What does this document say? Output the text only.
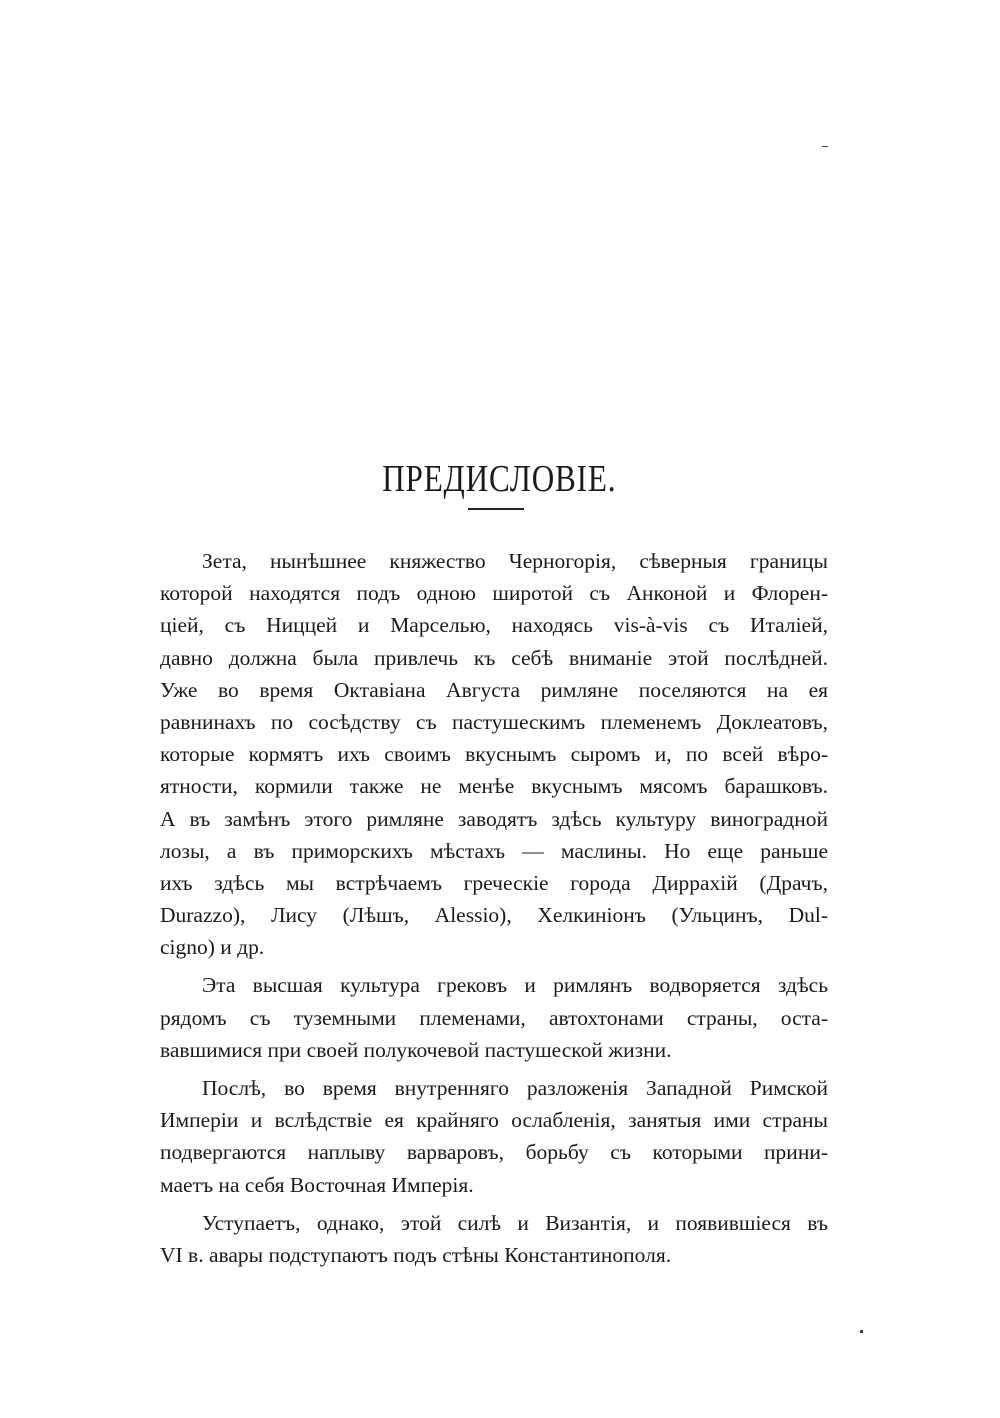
ПРЕДИСЛОВІЕ.
Зета, нынѣшнее княжество Черногорія, сѣверныя границы
которой находятся подъ одною широтой съ Анконой и Флорен-
ціей, съ Ниццей и Марселью, находясь vis-à-vis съ Италіей,
давно должна была привлечь къ себѣ вниманіе этой послѣдней.
Уже во время Октавіана Августа римляне поселяются на ея
равнинахъ по сосѣдству съ пастушескимъ племенемъ Доклеатовъ,
которые кормятъ ихъ своимъ вкуснымъ сыромъ и, по всей вѣро-
ятности, кормили также не менѣе вкуснымъ мясомъ барашковъ.
А въ замѣнъ этого римляне заводятъ здѣсь культуру виноградной
лозы, а въ приморскихъ мѣстахъ — маслины. Но еще раньше
ихъ здѣсь мы встрѣчаемъ греческіе города Диррахій (Драчъ,
Durazzo), Лису (Лѣшъ, Alessio), Хелкиніонъ (Ульцинъ, Dul-
cigno) и др.
Эта высшая культура грековъ и римлянъ водворяется здѣсь
рядомъ съ туземными племенами, автохтонами страны, оста-
вавшимися при своей полукочевой пастушеской жизни.
Послѣ, во время внутренняго разложенія Западной Римской
Имперіи и вслѣдствіе ея крайняго ослабленія, занятыя ими страны
подвергаются наплыву варваровъ, борьбу съ которыми прини-
маетъ на себя Восточная Имперія.
Уступаетъ, однако, этой силѣ и Византія, и появившіеся въ
VI в. авары подступаютъ подъ стѣны Константинополя.
